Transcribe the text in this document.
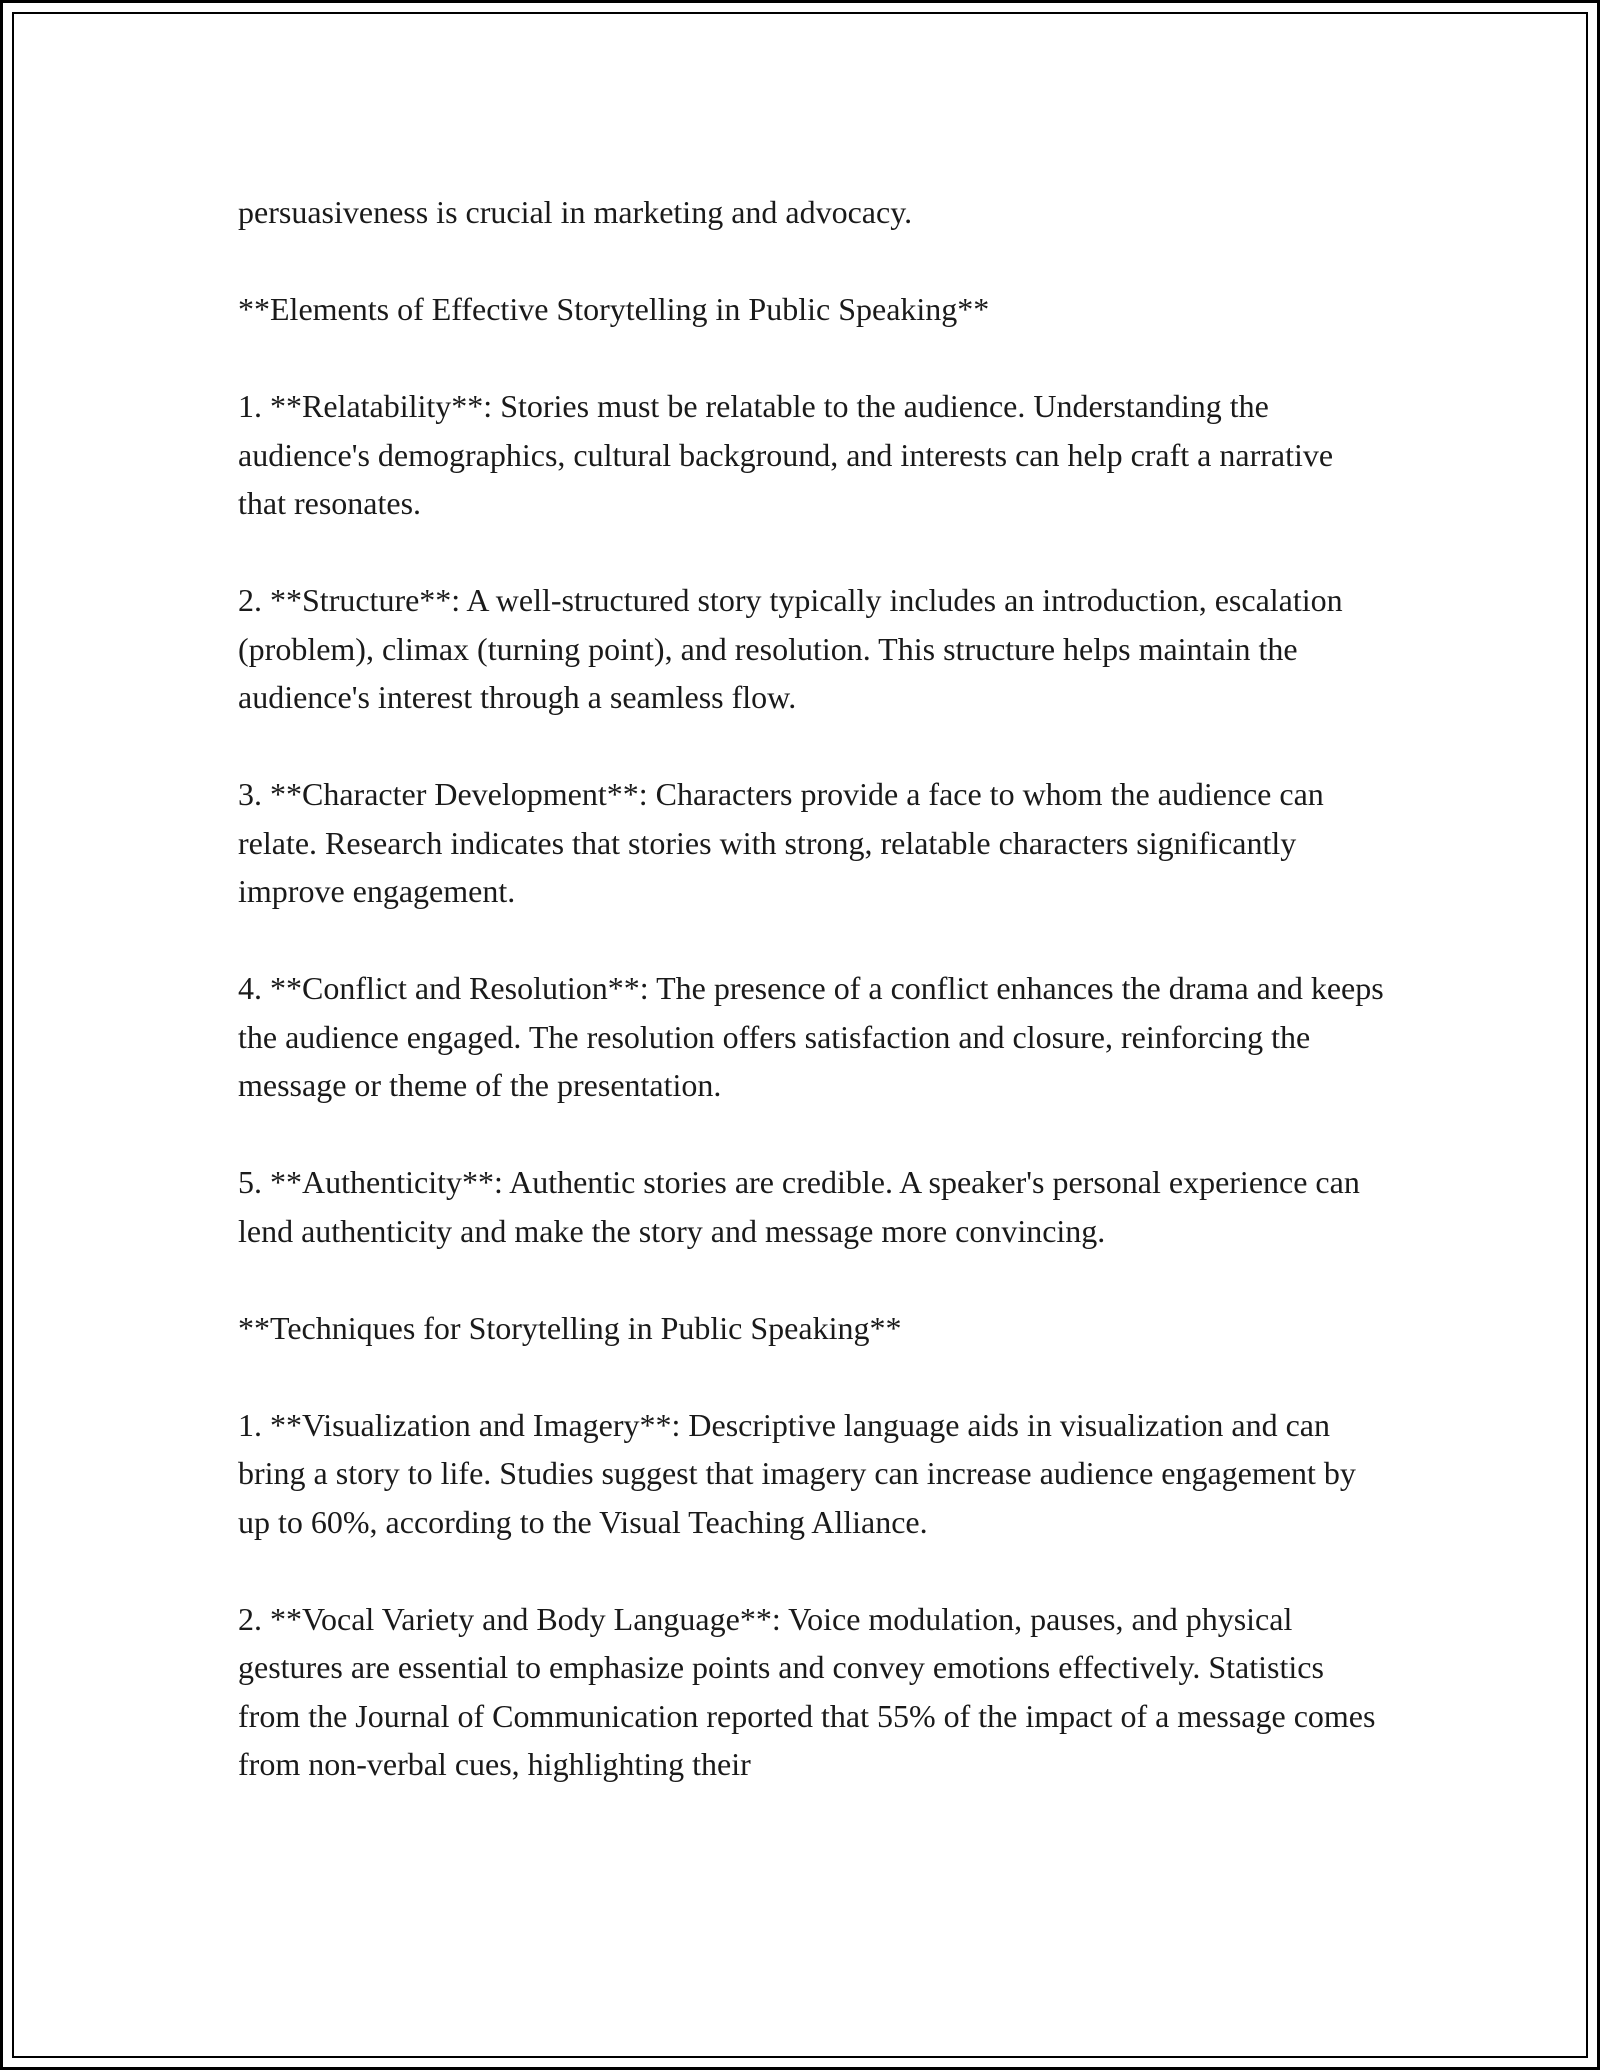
persuasiveness is crucial in marketing and advocacy.

**Elements of Effective Storytelling in Public Speaking**

1. **Relatability**: Stories must be relatable to the audience. Understanding the audience's demographics, cultural background, and interests can help craft a narrative that resonates.

2. **Structure**: A well-structured story typically includes an introduction, escalation (problem), climax (turning point), and resolution. This structure helps maintain the audience's interest through a seamless flow.

3. **Character Development**: Characters provide a face to whom the audience can relate. Research indicates that stories with strong, relatable characters significantly improve engagement.

4. **Conflict and Resolution**: The presence of a conflict enhances the drama and keeps the audience engaged. The resolution offers satisfaction and closure, reinforcing the message or theme of the presentation.

5. **Authenticity**: Authentic stories are credible. A speaker's personal experience can lend authenticity and make the story and message more convincing.

**Techniques for Storytelling in Public Speaking**

1. **Visualization and Imagery**: Descriptive language aids in visualization and can bring a story to life. Studies suggest that imagery can increase audience engagement by up to 60%, according to the Visual Teaching Alliance.

2. **Vocal Variety and Body Language**: Voice modulation, pauses, and physical gestures are essential to emphasize points and convey emotions effectively. Statistics from the Journal of Communication reported that 55% of the impact of a message comes from non-verbal cues, highlighting their
